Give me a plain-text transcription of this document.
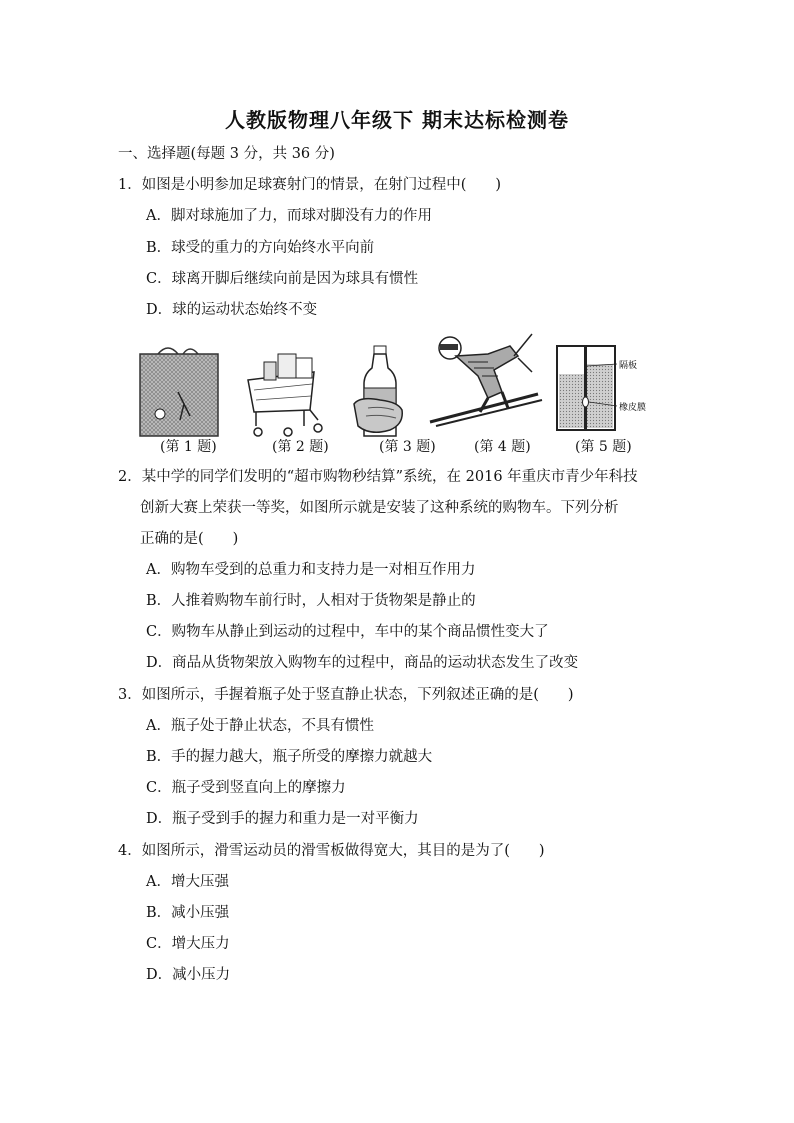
人教版物理八年级下 期末达标检测卷
一、选择题(每题 3 分，共 36 分)
1．如图是小明参加足球赛射门的情景，在射门过程中(　　)
A．脚对球施加了力，而球对脚没有力的作用
B．球受的重力的方向始终水平向前
C．球离开脚后继续向前是因为球具有惯性
D．球的运动状态始终不变
隔板
橡皮膜
(第 1 题)	(第 2 题)	(第 3 题)	(第 4 题)	(第 5 题)
2．某中学的同学们发明的“超市购物秒结算”系统，在 2016 年重庆市青少年科技
创新大赛上荣获一等奖，如图所示就是安装了这种系统的购物车。下列分析
正确的是(　　)
A．购物车受到的总重力和支持力是一对相互作用力
B．人推着购物车前行时，人相对于货物架是静止的
C．购物车从静止到运动的过程中，车中的某个商品惯性变大了
D．商品从货物架放入购物车的过程中，商品的运动状态发生了改变
3．如图所示，手握着瓶子处于竖直静止状态，下列叙述正确的是(　　)
A．瓶子处于静止状态，不具有惯性
B．手的握力越大，瓶子所受的摩擦力就越大
C．瓶子受到竖直向上的摩擦力
D．瓶子受到手的握力和重力是一对平衡力
4．如图所示，滑雪运动员的滑雪板做得宽大，其目的是为了(　　)
A．增大压强
B．减小压强
C．增大压力
D．减小压力
